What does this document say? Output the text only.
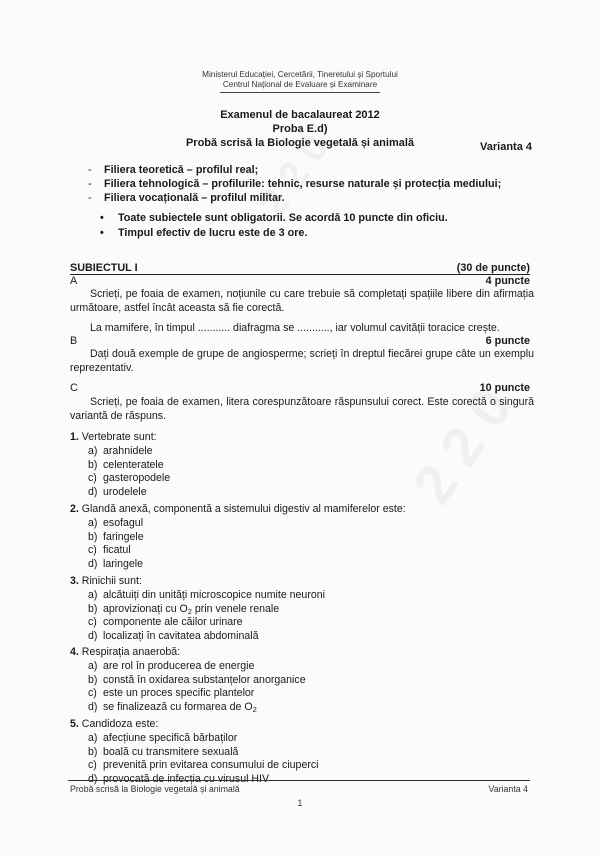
Ministerul Educației, Cercetării, Tineretului și Sportului
Centrul Național de Evaluare și Examinare
Examenul de bacalaureat 2012
Proba E.d)
Probă scrisă la Biologie vegetală și animală	Varianta 4
- Filiera teoretică – profilul real;
- Filiera tehnologică – profilurile: tehnic, resurse naturale și protecția mediului;
- Filiera vocațională – profilul militar.
• Toate subiectele sunt obligatorii. Se acordă 10 puncte din oficiu.
• Timpul efectiv de lucru este de 3 ore.
SUBIECTUL I	(30 de puncte)
A	4 puncte
Scrieți, pe foaia de examen, noțiunile cu care trebuie să completați spațiile libere din afirmația următoare, astfel încât aceasta să fie corectă.
La mamifere, în timpul ........... diafragma se ..........., iar volumul cavității toracice crește.
B	6 puncte
Dați două exemple de grupe de angiosperme; scrieți în dreptul fiecărei grupe câte un exemplu reprezentativ.
C	10 puncte
Scrieți, pe foaia de examen, litera corespunzătoare răspunsului corect. Este corectă o singură variantă de răspuns.
1. Vertebrate sunt:
a) arahnidele
b) celenteratele
c) gasteropodele
d) urodelele
2. Glandă anexă, componentă a sistemului digestiv al mamiferelor este:
a) esofagul
b) faringele
c) ficatul
d) laringele
3. Rinichii sunt:
a) alcătuiți din unități microscopice numite neuroni
b) aprovizionați cu $O_2$ prin venele renale
c) componente ale căilor urinare
d) localizați în cavitatea abdominală
4. Respirația anaerobă:
a) are rol în producerea de energie
b) constă în oxidarea substanțelor anorganice
c) este un proces specific plantelor
d) se finalizează cu formarea de $O_2$
5. Candidoza este:
a) afecțiune specifică bărbaților
b) boală cu transmitere sexuală
c) prevenită prin evitarea consumului de ciuperci
d) provocată de infecția cu virusul HIV
Probă scrisă la Biologie vegetală și animală	Varianta 4
1
